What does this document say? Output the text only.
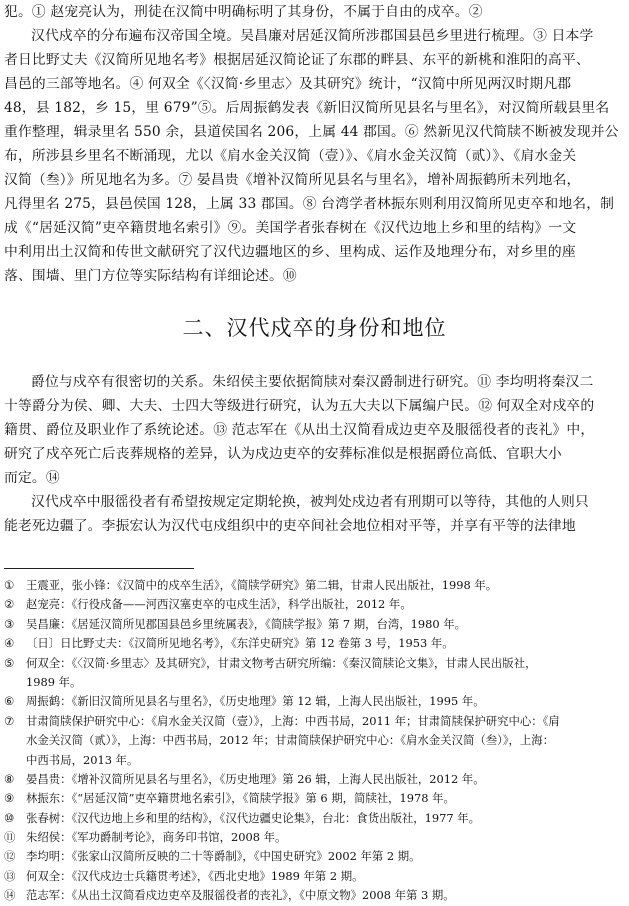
犯。① 赵宠亮认为，刑徒在汉简中明确标明了其身份，不属于自由的戍卒。②
汉代戍卒的分布遍布汉帝国全境。吴昌廉对居延汉简所涉郡国县邑乡里进行梳理。③ 日本学
者日比野丈夫《汉简所见地名考》根据居延汉简论证了东郡的畔县、东平的新桃和淮阳的高平、
昌邑的三部等地名。④ 何双全《〈汉简·乡里志〉及其研究》统计，“汉简中所见两汉时期凡郡
48，县 182，乡 15，里 679”⑤。后周振鹤发表《新旧汉简所见县名与里名》，对汉简所载县里名
重作整理，辑录里名 550 余，县道侯国名 206，上属 44 郡国。⑥ 然新见汉代简牍不断被发现并公
布，所涉县乡里名不断涌现，尤以《肩水金关汉简（壹）》、《肩水金关汉简（贰）》、《肩水金关
汉简（叁）》所见地名为多。⑦ 晏昌贵《增补汉简所见县名与里名》，增补周振鹤所未列地名，
凡得里名 275，县邑侯国 128，上属 33 郡国。⑧ 台湾学者林振东则利用汉简所见吏卒和地名，制
成《“居延汉简”吏卒籍贯地名索引》⑨。美国学者张春树在《汉代边地上乡和里的结构》一文
中利用出土汉简和传世文献研究了汉代边疆地区的乡、里构成、运作及地理分布，对乡里的座
落、围墙、里门方位等实际结构有详细论述。⑩
二、汉代戍卒的身份和地位
爵位与戍卒有很密切的关系。朱绍侯主要依据简牍对秦汉爵制进行研究。⑪ 李均明将秦汉二
十等爵分为侯、卿、大夫、士四大等级进行研究，认为五大夫以下属编户民。⑫ 何双全对戍卒的
籍贯、爵位及职业作了系统论述。⑬ 范志军在《从出土汉简看成边吏卒及服徭役者的丧礼》中，
研究了戍卒死亡后丧葬规格的差异，认为戍边吏卒的安葬标准似是根据爵位高低、官职大小
而定。⑭
汉代戍卒中服徭役者有希望按规定定期轮换，被判处戍边者有刑期可以等待，其他的人则只
能老死边疆了。李振宏认为汉代屯戍组织中的吏卒间社会地位相对平等，并享有平等的法律地
①	王震亚，张小锋：《汉简中的戍卒生活》，《简牍学研究》第二辑，甘肃人民出版社，1998 年。
②	赵宠亮：《行役戍备——河西汉塞吏卒的屯戍生活》，科学出版社，2012 年。
③	吴昌廉：《居延汉简所见郡国县邑乡里统属表》，《简牍学报》第 7 期，台湾，1980 年。
④	〔日〕日比野丈夫：《汉简所见地名考》，《东洋史研究》第 12 卷第 3 号，1953 年。
⑤	何双全：《〈汉简·乡里志〉及其研究》，甘肃文物考古研究所编：《秦汉简牍论文集》，甘肃人民出版社，
1989 年。
⑥	周振鹤：《新旧汉简所见县名与里名》，《历史地理》第 12 辑，上海人民出版社，1995 年。
⑦	甘肃简牍保护研究中心：《肩水金关汉简（壹）》，上海：中西书局，2011 年；甘肃简牍保护研究中心：《肩
水金关汉简（贰）》，上海：中西书局，2012 年；甘肃简牍保护研究中心：《肩水金关汉简（叁）》，上海：
中西书局，2013 年。
⑧	晏昌贵：《增补汉简所见县名与里名》，《历史地理》第 26 辑，上海人民出版社，2012 年。
⑨	林振东：《“居延汉简”吏卒籍贯地名索引》，《简牍学报》第 6 期，简牍社，1978 年。
⑩	张春树：《汉代边地上乡和里的结构》，《汉代边疆史论集》，台北：食货出版社，1977 年。
⑪ 朱绍侯：《军功爵制考论》，商务印书馆，2008 年。
⑫ 李均明：《张家山汉简所反映的二十等爵制》，《中国史研究》2002 年第 2 期。
⑬ 何双全：《汉代戍边士兵籍贯考述》，《西北史地》1989 年第 2 期。
⑭ 范志军：《从出土汉简看戍边吏卒及服徭役者的丧礼》，《中原文物》2008 年第 3 期。
